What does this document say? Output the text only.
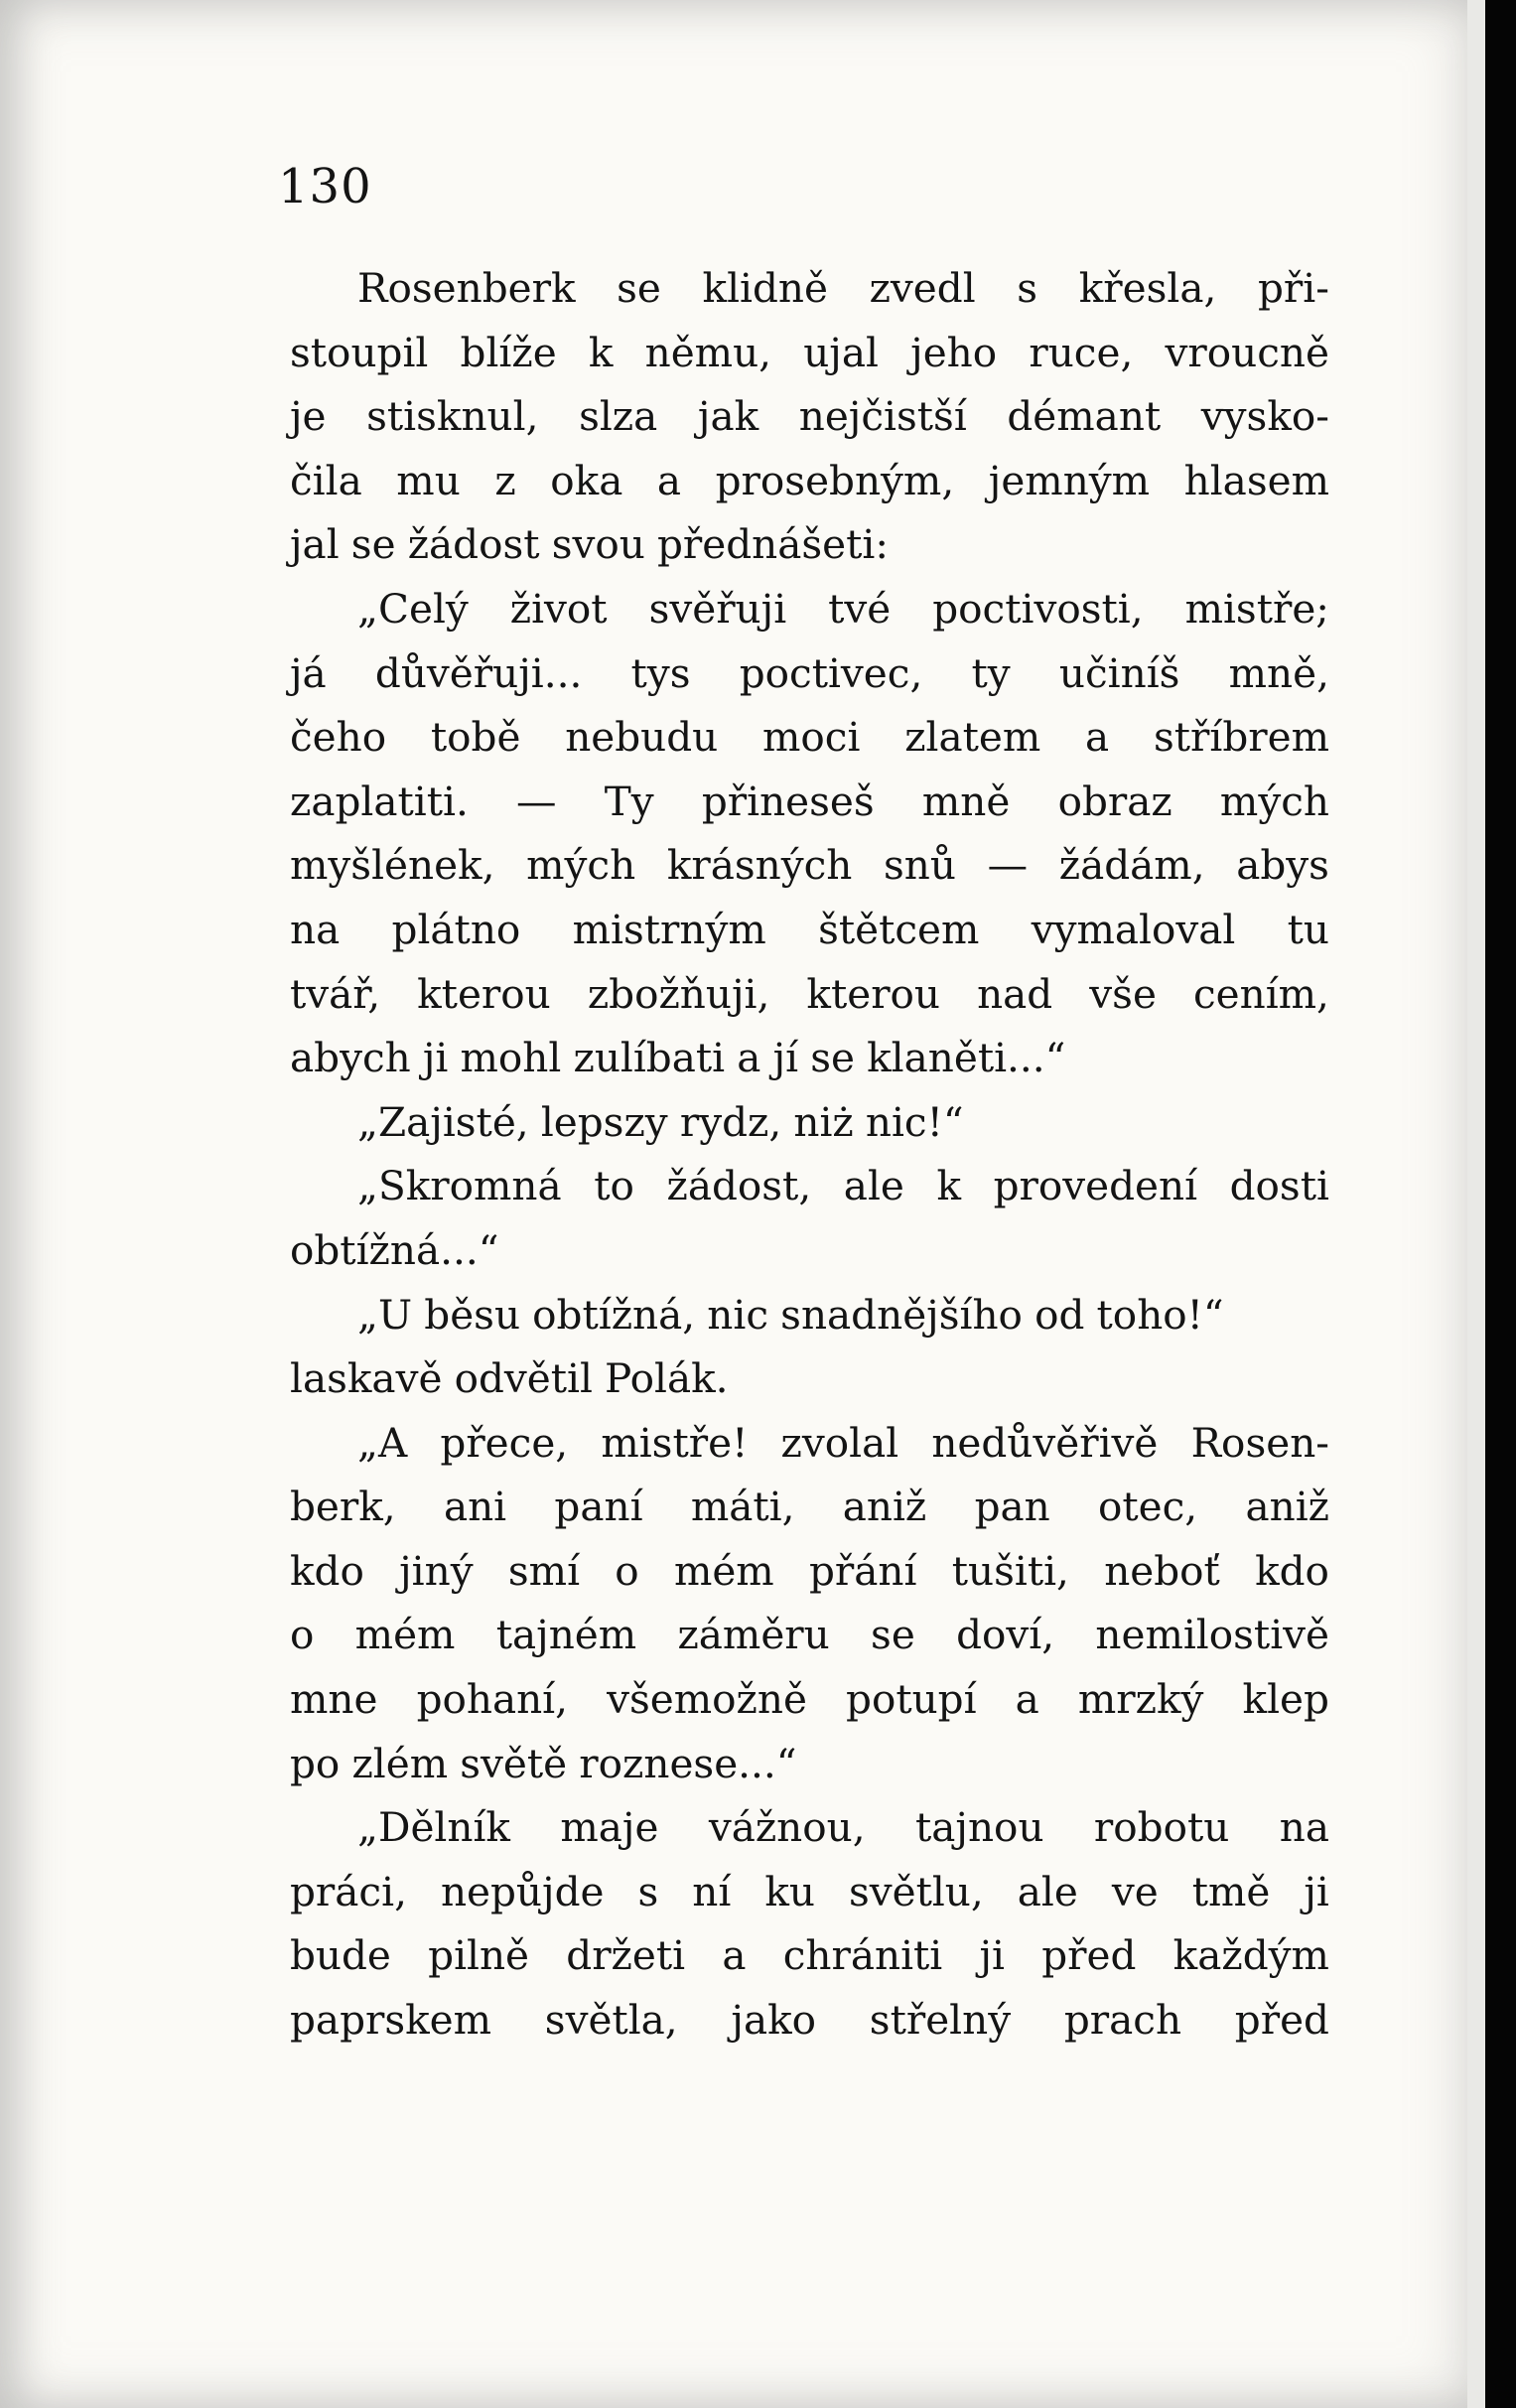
130
Rosenberk se klidně zvedl s křesla, při-
stoupil blíže k němu, ujal jeho ruce, vroucně
je stisknul, slza jak nejčistší démant vysko-
čila mu z oka a prosebným, jemným hlasem
jal se žádost svou přednášeti:
„Celý život svěřuji tvé poctivosti, mistře;
já důvěřuji... tys poctivec, ty učiníš mně,
čeho tobě nebudu moci zlatem a stříbrem
zaplatiti. — Ty přineseš mně obraz mých
myšlének, mých krásných snů — žádám, abys
na plátno mistrným štětcem vymaloval tu
tvář, kterou zbožňuji, kterou nad vše cením,
abych ji mohl zulíbati a jí se klaněti...“
„Zajisté, lepszy rydz, niż nic!“
„Skromná to žádost, ale k provedení dosti
obtížná...“
„U běsu obtížná, nic snadnějšího od toho!“
laskavě odvětil Polák.
„A přece, mistře! zvolal nedůvěřivě Rosen-
berk, ani paní máti, aniž pan otec, aniž
kdo jiný smí o mém přání tušiti, neboť kdo
o mém tajném záměru se doví, nemilostivě
mne pohaní, všemožně potupí a mrzký klep
po zlém světě roznese...“
„Dělník maje vážnou, tajnou robotu na
práci, nepůjde s ní ku světlu, ale ve tmě ji
bude pilně držeti a chrániti ji před každým
paprskem světla, jako střelný prach před
